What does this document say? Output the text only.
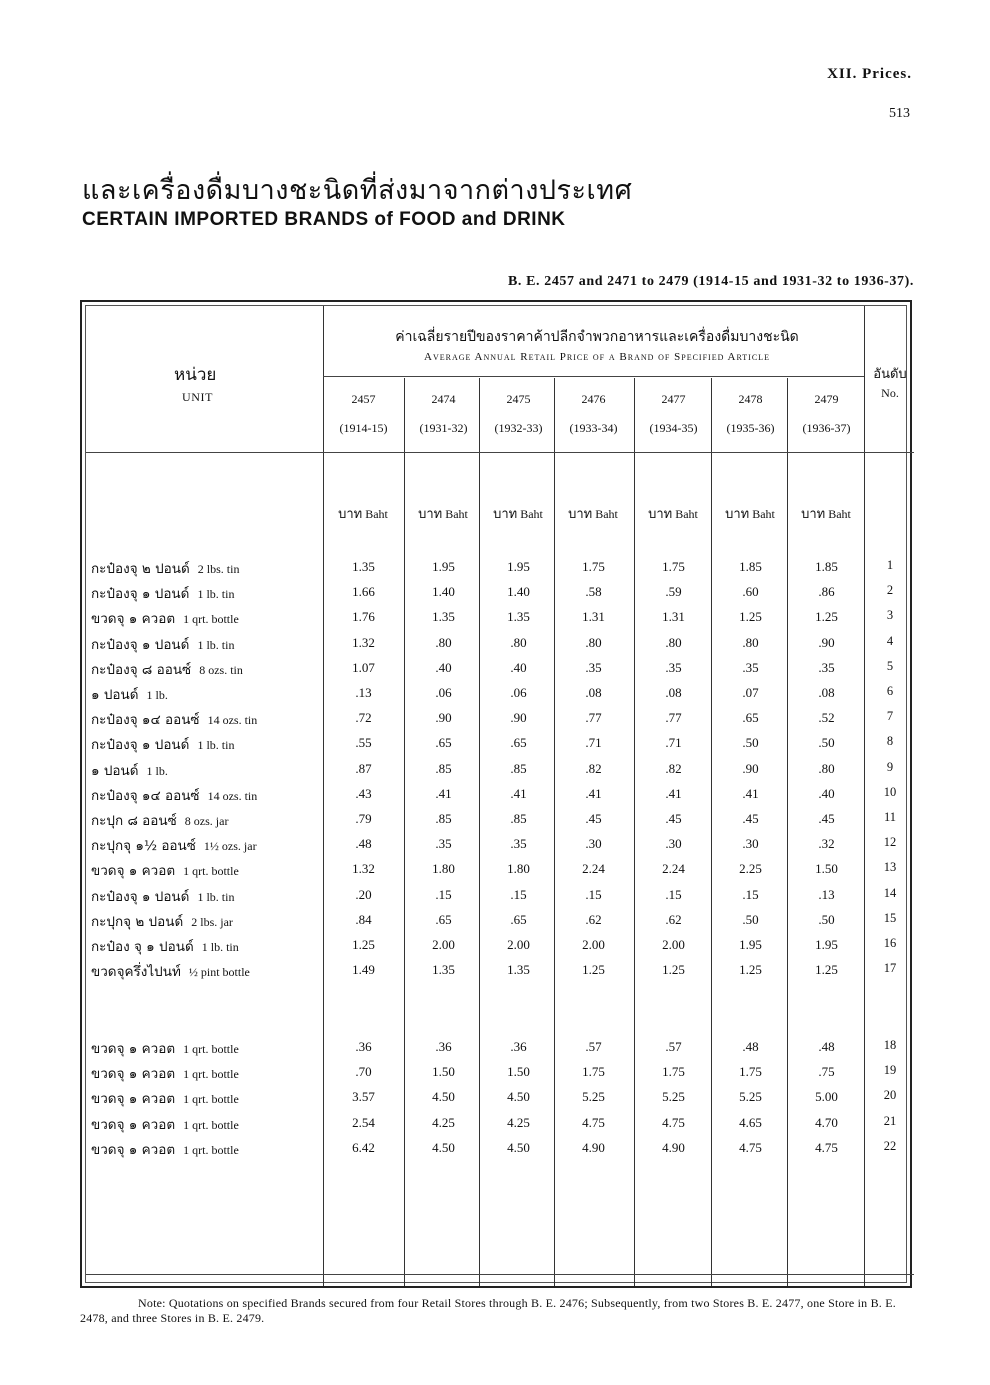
XII. Prices.
513
และเครื่องดื่มบางชะนิดที่ส่งมาจากต่างประเทศ
CERTAIN IMPORTED BRANDS of FOOD and DRINK
B. E. 2457 and 2471 to 2479 (1914-15 and 1931-32 to 1936-37).
หน่วย
UNIT
ค่าเฉลี่ยรายปีของราคาค้าปลีกจำพวกอาหารและเครื่องดื่มบางชะนิด
Average Annual Retail Price of a Brand of Specified Article
อันดับ
No.
2457
(1914-15)
2474
(1931-32)
2475
(1932-33)
2476
(1933-34)
2477
(1934-35)
2478
(1935-36)
2479
(1936-37)
บาท Baht	บาท Baht	บาท Baht	บาท Baht	บาท Baht	บาท Baht	บาท Baht
กะป๋องจุ ๒ ปอนด์ 2 lbs. tin	1.35	1.95	1.95	1.75	1.75	1.85	1.85	1
กะป๋องจุ ๑ ปอนด์ 1 lb. tin	1.66	1.40	1.40	.58	.59	.60	.86	2
ขวดจุ ๑ ควอต 1 qrt. bottle	1.76	1.35	1.35	1.31	1.31	1.25	1.25	3
กะป๋องจุ ๑ ปอนด์ 1 lb. tin	1.32	.80	.80	.80	.80	.80	.90	4
กะป๋องจุ ๘ ออนซ์ 8 ozs. tin	1.07	.40	.40	.35	.35	.35	.35	5
๑ ปอนด์ 1 lb.	.13	.06	.06	.08	.08	.07	.08	6
กะป๋องจุ ๑๔ ออนซ์ 14 ozs. tin	.72	.90	.90	.77	.77	.65	.52	7
กะป๋องจุ ๑ ปอนด์ 1 lb. tin	.55	.65	.65	.71	.71	.50	.50	8
๑ ปอนด์ 1 lb.	.87	.85	.85	.82	.82	.90	.80	9
กะป๋องจุ ๑๔ ออนซ์ 14 ozs. tin	.43	.41	.41	.41	.41	.41	.40	10
กะปุก ๘ ออนซ์ 8 ozs. jar	.79	.85	.85	.45	.45	.45	.45	11
กะปุกจุ ๑½ ออนซ์ 1½ ozs. jar	.48	.35	.35	.30	.30	.30	.32	12
ขวดจุ ๑ ควอต 1 qrt. bottle	1.32	1.80	1.80	2.24	2.24	2.25	1.50	13
กะป๋องจุ ๑ ปอนด์ 1 lb. tin	.20	.15	.15	.15	.15	.15	.13	14
กะปุกจุ ๒ ปอนด์ 2 lbs. jar	.84	.65	.65	.62	.62	.50	.50	15
กะป๋อง จุ ๑ ปอนด์ 1 lb. tin	1.25	2.00	2.00	2.00	2.00	1.95	1.95	16
ขวดจุครึ่งไปนท์ ½ pint bottle	1.49	1.35	1.35	1.25	1.25	1.25	1.25	17
ขวดจุ ๑ ควอต 1 qrt. bottle	.36	.36	.36	.57	.57	.48	.48	18
ขวดจุ ๑ ควอต 1 qrt. bottle	.70	1.50	1.50	1.75	1.75	1.75	.75	19
ขวดจุ ๑ ควอต 1 qrt. bottle	3.57	4.50	4.50	5.25	5.25	5.25	5.00	20
ขวดจุ ๑ ควอต 1 qrt. bottle	2.54	4.25	4.25	4.75	4.75	4.65	4.70	21
ขวดจุ ๑ ควอต 1 qrt. bottle	6.42	4.50	4.50	4.90	4.90	4.75	4.75	22
Note: Quotations on specified Brands secured from four Retail Stores through B. E. 2476; Subsequently, from two Stores B. E. 2477, one Store in B. E. 2478, and three Stores in B. E. 2479.
